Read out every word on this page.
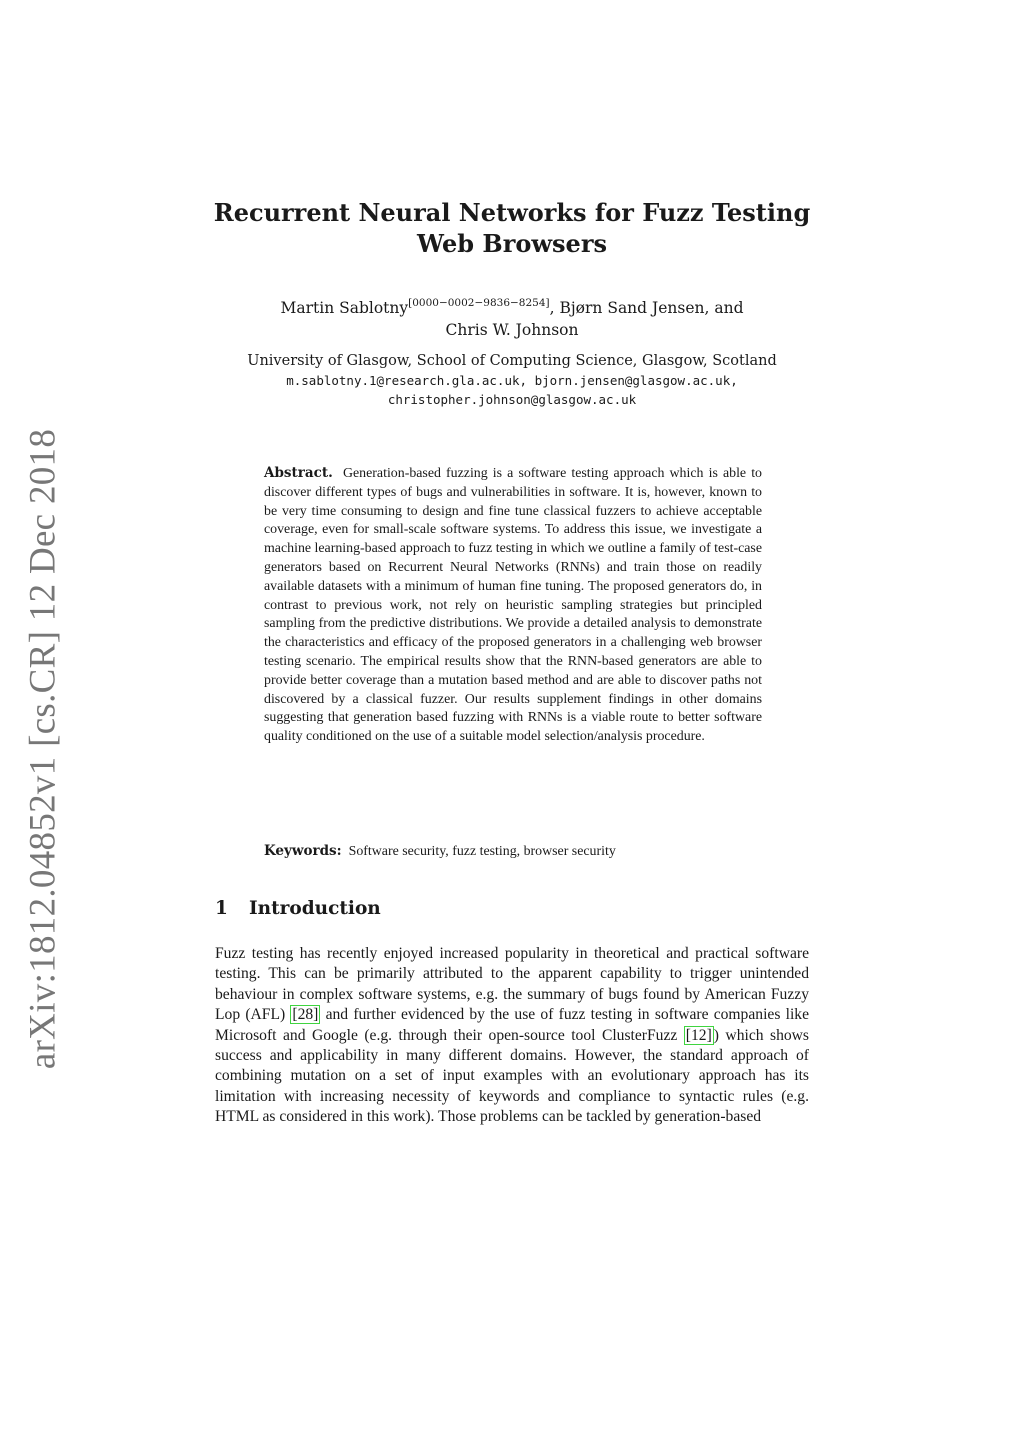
arXiv:1812.04852v1 [cs.CR] 12 Dec 2018
Recurrent Neural Networks for Fuzz Testing
Web Browsers
Martin Sablotny[0000−0002−9836−8254], Bjørn Sand Jensen, and
Chris W. Johnson
University of Glasgow, School of Computing Science, Glasgow, Scotland
m.sablotny.1@research.gla.ac.uk, bjorn.jensen@glasgow.ac.uk,
christopher.johnson@glasgow.ac.uk

Abstract. Generation-based fuzzing is a software testing approach which is able to discover different types of bugs and vulnerabilities in software. It is, however, known to be very time consuming to design and fine tune classical fuzzers to achieve acceptable coverage, even for small-scale software systems. To address this issue, we investigate a machine learning-based approach to fuzz testing in which we outline a family of test-case generators based on Recurrent Neural Networks (RNNs) and train those on readily available datasets with a minimum of human fine tuning. The proposed generators do, in contrast to previous work, not rely on heuristic sampling strategies but principled sampling from the predictive distributions. We provide a detailed analysis to demonstrate the characteristics and efficacy of the proposed generators in a challenging web browser testing scenario. The empirical results show that the RNN-based generators are able to provide better coverage than a mutation based method and are able to discover paths not discovered by a classical fuzzer. Our results supplement findings in other domains suggesting that generation based fuzzing with RNNs is a viable route to better software quality conditioned on the use of a suitable model selection/analysis procedure.

Keywords: Software security, fuzz testing, browser security
1 Introduction

Fuzz testing has recently enjoyed increased popularity in theoretical and practical software testing. This can be primarily attributed to the apparent capability to trigger unintended behaviour in complex software systems, e.g. the summary of bugs found by American Fuzzy Lop (AFL) [28] and further evidenced by the use of fuzz testing in software companies like Microsoft and Google (e.g. through their open-source tool ClusterFuzz [12] ) which shows success and applicability in many different domains. However, the standard approach of combining mutation on a set of input examples with an evolutionary approach has its limitation with increasing necessity of keywords and compliance to syntactic rules (e.g. HTML as considered in this work). Those problems can be tackled by generation-based
